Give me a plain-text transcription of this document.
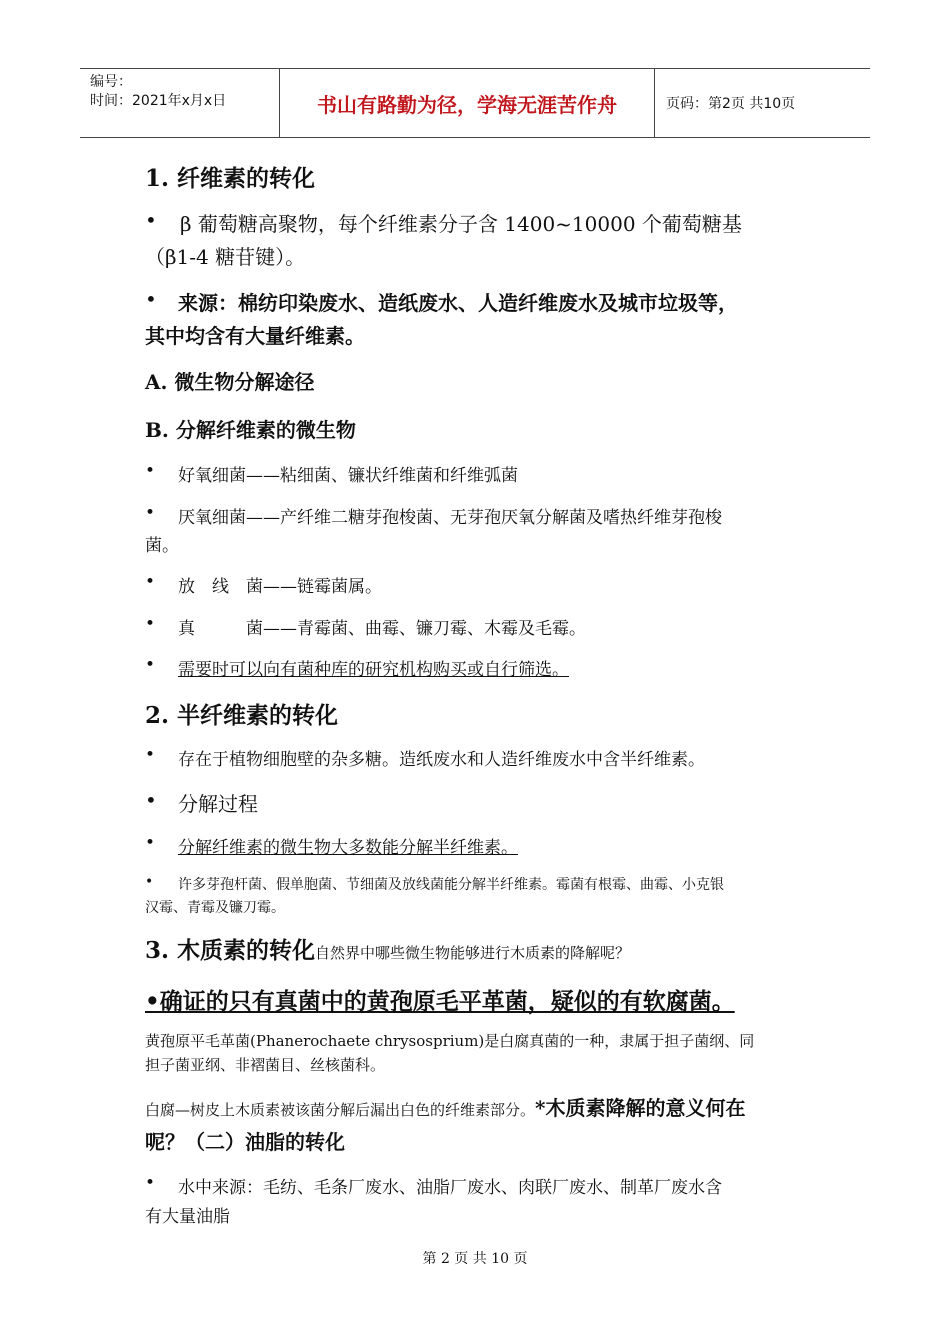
编号：
时间：2021年x月x日	书山有路勤为径，学海无涯苦作舟	页码：第2页 共10页
1. 纤维素的转化
• β 葡萄糖高聚物，每个纤维素分子含 1400~10000 个葡萄糖基
（β1-4 糖苷键）。
• 来源：棉纺印染废水、造纸废水、人造纤维废水及城市垃圾等，
其中均含有大量纤维素。
A. 微生物分解途径
B. 分解纤维素的微生物
• 好氧细菌——粘细菌、镰状纤维菌和纤维弧菌
• 厌氧细菌——产纤维二糖芽孢梭菌、无芽孢厌氧分解菌及嗜热纤维芽孢梭
菌。
• 放　线　菌——链霉菌属。
• 真　　　菌——青霉菌、曲霉、镰刀霉、木霉及毛霉。
• 需要时可以向有菌种库的研究机构购买或自行筛选。
2. 半纤维素的转化
• 存在于植物细胞壁的杂多糖。造纸废水和人造纤维废水中含半纤维素。
• 分解过程
• 分解纤维素的微生物大多数能分解半纤维素。
• 许多芽孢杆菌、假单胞菌、节细菌及放线菌能分解半纤维素。霉菌有根霉、曲霉、小克银
汉霉、青霉及镰刀霉。
3. 木质素的转化自然界中哪些微生物能够进行木质素的降解呢？
•确证的只有真菌中的黄孢原毛平革菌，疑似的有软腐菌。
黄孢原平毛革菌(Phanerochaete chrysosprium)是白腐真菌的一种，隶属于担子菌纲、同
担子菌亚纲、非褶菌目、丝核菌科。
白腐—树皮上木质素被该菌分解后漏出白色的纤维素部分。*木质素降解的意义何在
呢？（二）油脂的转化
• 水中来源：毛纺、毛条厂废水、油脂厂废水、肉联厂废水、制革厂废水含
有大量油脂
第 2 页 共 10 页
